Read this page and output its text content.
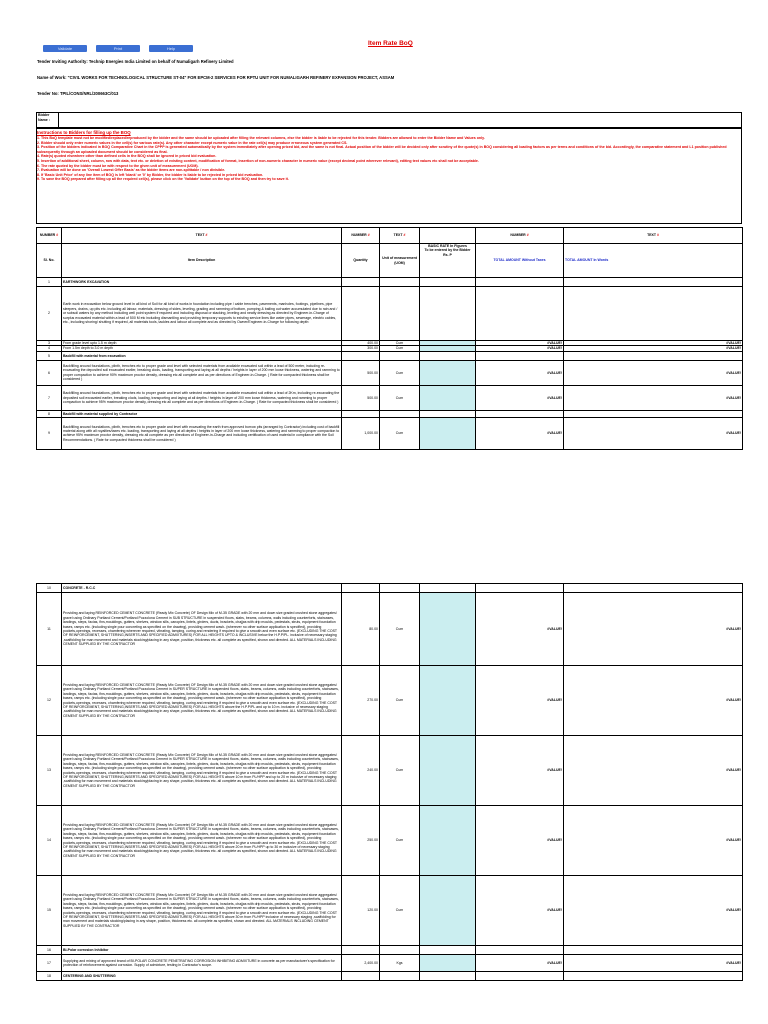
Validate	Print	Help
Item Rate BoQ
Tender Inviting Authority: Technip Energies India Limited on behalf of Numaligarh Refinery Limited
Name of Work: "CIVIL WORKS FOR TECHNOLOGICAL STRUCTURE ST-04" FOR EPCM-2 SERVICES FOR RPTU UNIT FOR NUMALIGARH REFINERY EXPANSION PROJECT, ASSAM
Tender No: TPIL/CONS/NRL/200663C/013
Bidder Name :
Instructions to Bidders for filling up the BOQ
1. This BoQ template must not be modified/replaced/reproduced by the bidder and the same should be uploaded after filling the relevant columns, else the bidder is liable to be rejected for this tender. Bidders are allowed to enter the Bidder Name and Values only.
2. Bidder should only enter numeric values in the cell(s) for various rate(s). Any other character except numeric value in the rate cell(s) may produce erroneous system generated CS.
3. Position of the bidders indicated in BOQ Comparative Chart in the CPPP is generated automatically by the system immediately after opening priced bid, and the same is not final. Actual position of the bidder will be decided only after scrutiny of the quote(s) in BOQ considering all loading factors as per terms and conditions of the bid. Accordingly, the comparative statement and L1 position published subsequently through an uploaded document should be considered as final.
4. Rate(s) quoted elsewhere other than defined cells in the BOQ shall be ignored in priced bid evaluation.
5. Insertion of additional sheet, column, row with data, text etc. or deletion of existing content, modification of format, insertion of non-numeric character in numeric value (except decimal point wherever relevant), editing text values etc shall not be acceptable.
6. The rate quoted by the bidder must be with respect to the given unit of measurement (UOM).
7. Evaluation will be done on 'Overall Lowest Offer Basis' as the bidder items are non-splittable / non divisible.
8. If 'Basic Unit Price' of any line item of BOQ is left 'blank' or '0' by Bidder, the bidder is liable to be rejected in priced bid evaluation.
9. To save the BOQ prepared after filling up all the required cell(s), please click on the 'Validate' button on the top of the BOQ and then try to save it.
NUMBER #	TEXT #	NUMBER #	TEXT #		NUMBER #	TEXT #
Sl. No.	Item Description	Quantity	Unit of measurement (UOM)	BASIC RATE In Figures
To be entered by the Bidder
Rs. P	TOTAL AMOUNT Without Taxes	TOTAL AMOUNT In Words
1	EARTHWORK EXCAVATION					
2	Earth work in excavation below ground level in all kind of Soil for all kind of works in foundation including pipe / cable trenches, pavements, manholes, footings, pipelines, pipe sleepers, drains, up pits etc. including all labour, materials, dressing of sides, leveling, grading and ramming of bottom, pumping & bailing out water accumulated due to rain and / or subsoil waters by any method including well point system if required and including disposal or stacking, leveling and neatly dressing as directed by Engineer-in-Charge of surplus excavated material within a lead of 500 M etc including dismantling and providing temporary supports to existing service lines like water pipes, sewerage, electric cables, etc., including shoring/ shutting if required, all materials tools, tackles and labour all complete and as directed by Owner/Engineer-in-Charge for following depth:					
3	From grade level upto 1.5 m depth	400.00	Cum		#VALUE!	#VALUE!
4	From 1.5m depth to 3.0 m depth	300.00	Cum		#VALUE!	#VALUE!
5	Backfill with material from excavation					
6	Backfilling around foundations, plinth, trenches etc to proper grade and level with selected materials from available excavated soil within a lead of 500 meter, including re-excavating the deposited soil excavated earlier, breaking clods, loading, transporting and laying at all depths / heights in layer of 200 mm loose thickness, watering and ramming to proper compaction to achieve 90% maximum proctor density, dressing etc all complete and as per directions of Engineer-in-Charge. ( Rate for compacted thickness shall be considered )	500.00	Cum		#VALUE!	#VALUE!
7	Backfilling around foundations, plinth, trenches etc to proper grade and level with selected materials from available excavated soil within a lead of 2Km, including re-excavating the deposited soil excavated earlier, breaking clods, loading, transporting and laying at all depths / heights in layer of 200 mm loose thickness, watering and ramming to proper compaction to achieve 95% maximum proctor density, dressing etc all complete and as per directions of Engineer-in-Charge. ( Rate for compacted thickness shall be considered )	500.00	Cum		#VALUE!	#VALUE!
8	Backfill with material supplied by Contractor					
9	Backfilling around foundations, plinth, trenches etc to proper grade and level with excavating the earth from approved borrow pits (arranged by Contractor) including cost of backfill material along with all royalties/taxes etc. loading, transporting and laying at all depths / heights in layer of 200 mm loose thickness, watering and ramming to proper compaction to achieve 95% maximum proctor density, dressing etc all complete as per directions of Engineer-in-Charge and including certification of used material in compliance with the Soil Recommendations. ( Rate for compacted thickness shall be considered )	1,000.00	Cum		#VALUE!	#VALUE!
10	CONCRETE - R.C.C					
11	Providing and laying REINFORCED CEMENT CONCRETE (Ready Mix Concrete) OF Design Mix of M-35 GRADE with 20 mm and down size graded crushed stone aggregates/ gravel using Ordinary Portland Cement/Portland Pozzolona Cement in SUB STRUCTURE in suspended floors, slabs, beams, columns, walls including counterforts, staircases, landings, steps, facias, fins,mouldings, gutters, shelves, window sills, canopies, lintels, girders, ducts, brackets, chajjas with drip moulds, pedestals, struts, equipment foundation bases, ramps etc. (including single pour concreting as specified on the drawing), providing cement wash- (wherever no other surface application is specified), providing pockets,openings, recesses, chamfering wherever required, vibrating, tamping, curing and rendering if required to give a smooth and even surface etc. (EXCLUDING THE COST OF REINFORCEMENT, SHUTTERING,INSERTS AND SPECIFIED ADMIXTURES) FOR ALL HEIGHTS UPTO & INCLUSIVE below the H.P.P/PL. inclusive of necessary staging ,scaffolding for man movement and materials stocking/placing in any shape, position, thickness etc. all complete as specified, shown and directed. ALL MATERIALS INCLUDING CEMENT SUPPLIED BY THE CONTRACTOR	80.00	Cum		#VALUE!	#VALUE!
12	Providing and laying REINFORCED CEMENT CONCRETE (Ready Mix Concrete) OF Design Mix of M-35 GRADE with 20 mm and down size graded crushed stone aggregates/ gravel using Ordinary Portland Cement/Portland Pozzolona Cement in SUPER STRUCTURE in suspended floors, slabs, beams, columns, walls including counterforts, staircases, landings, steps, facias, fins,mouldings, gutters, shelves, window sills, canopies, lintels, girders, ducts, brackets, chajjas with drip moulds, pedestals, struts, equipment foundation bases, ramps etc. (including single pour concreting as specified on the drawing), providing cement wash- (wherever no other surface application is specified), providing pockets,openings, recesses, chamfering wherever required, vibrating, tamping, curing and rendering if required to give a smooth and even surface etc. (EXCLUDING THE COST OF REINFORCEMENT, SHUTTERING,INSERTS AND SPECIFIED ADMIXTURES) FOR ALL HEIGHTS above the H.P.P/PL and up to 10 m. inclusive of necessary staging ,scaffolding for man movement and materials stocking/placing in any shape, position, thickness etc. all complete as specified, shown and directed. ALL MATERIALS INCLUDING CEMENT SUPPLIED BY THE CONTRACTOR	270.00	Cum		#VALUE!	#VALUE!
13	Providing and laying REINFORCED CEMENT CONCRETE (Ready Mix Concrete) OF Design Mix of M-35 GRADE with 20 mm and down size graded crushed stone aggregates/ gravel using Ordinary Portland Cement/Portland Pozzolona Cement in SUPER STRUCTURE in suspended floors, slabs, beams, columns, walls including counterforts, staircases, landings, steps, facias, fins,mouldings, gutters, shelves, window sills, canopies, lintels, girders, ducts, brackets, chajjas with drip moulds, pedestals, struts, equipment foundation bases, ramps etc. (including single pour concreting as specified on the drawing), providing cement wash- (wherever no other surface application is specified), providing pockets,openings, recesses, chamfering wherever required, vibrating, tamping, curing and rendering if required to give a smooth and even surface etc. (EXCLUDING THE COST OF REINFORCEMENT, SHUTTERING,INSERTS AND SPECIFIED ADMIXTURES) FOR ALL HEIGHTS above 10 m from PL/HPP and up to 20 m inclusive of necessary staging ,scaffolding for man movement and materials stocking/placing in any shape, position, thickness etc. all complete as specified, shown and directed. ALL MATERIALS INCLUDING CEMENT SUPPLIED BY THE CONTRACTOR	240.00	Cum		#VALUE!	#VALUE!
14	Providing and laying REINFORCED CEMENT CONCRETE (Ready Mix Concrete) OF Design Mix of M-35 GRADE with 20 mm and down size graded crushed stone aggregates/ gravel using Ordinary Portland Cement/Portland Pozzolona Cement in SUPER STRUCTURE in suspended floors, slabs, beams, columns, walls including counterforts, staircases, landings, steps, facias, fins,mouldings, gutters, shelves, window sills, canopies, lintels, girders, ducts, brackets, chajjas with drip moulds, pedestals, struts, equipment foundation bases, ramps etc. (including single pour concreting as specified on the drawing), providing cement wash- (wherever no other surface application is specified), providing pockets,openings, recesses, chamfering wherever required, vibrating, tamping, curing and rendering if required to give a smooth and even surface etc. (EXCLUDING THE COST OF REINFORCEMENT, SHUTTERING,INSERTS AND SPECIFIED ADMIXTURES) FOR ALL HEIGHTS above 20 m from PL/HPP up to 30 m inclusive of necessary staging ,scaffolding for man movement and materials stocking/placing in any shape, position, thickness etc. all complete as specified, shown and directed. ALL MATERIALS INCLUDING CEMENT SUPPLIED BY THE CONTRACTOR	250.00	Cum		#VALUE!	#VALUE!
15	Providing and laying REINFORCED CEMENT CONCRETE (Ready Mix Concrete) OF Design Mix of M-35 GRADE with 20 mm and down size graded crushed stone aggregates/ gravel using Ordinary Portland Cement/Portland Pozzolona Cement in SUPER STRUCTURE in suspended floors, slabs, beams, columns, walls including counterforts, staircases, landings, steps, facias, fins,mouldings, gutters, shelves, window sills, canopies, lintels, girders, ducts, brackets, chajjas with drip moulds, pedestals, struts, equipment foundation bases, ramps etc. (including single pour concreting as specified on the drawing), providing cement wash- (wherever no other surface application is specified), providing pockets,openings, recesses, chamfering wherever required, vibrating, tamping, curing and rendering if required to give a smooth and even surface etc. (EXCLUDING THE COST OF REINFORCEMENT, SHUTTERING,INSERTS AND SPECIFIED ADMIXTURES) FOR ALL HEIGHTS above 30 m from PL/HPP inclusive of necessary staging ,scaffolding for man movement and materials stocking/placing in any shape, position, thickness etc. all complete as specified, shown and directed. ALL MATERIALS INCLUDING CEMENT SUPPLIED BY THE CONTRACTOR	120.00	Cum		#VALUE!	#VALUE!
16	Bi-Polar corrosion Inhibitor					
17	Supplying and mixing of approved brand of BI-POLAR CONCRETE PENETRATING CORROSION INHIBITING ADMIXTURE in concrete as per manufacturer's specification for protection of reinforcement against corrosion. Supply of admixture, testing in Contractor's scope.	2,400.00	Kgs		#VALUE!	#VALUE!
18	CENTERING AND SHUTTERING					
